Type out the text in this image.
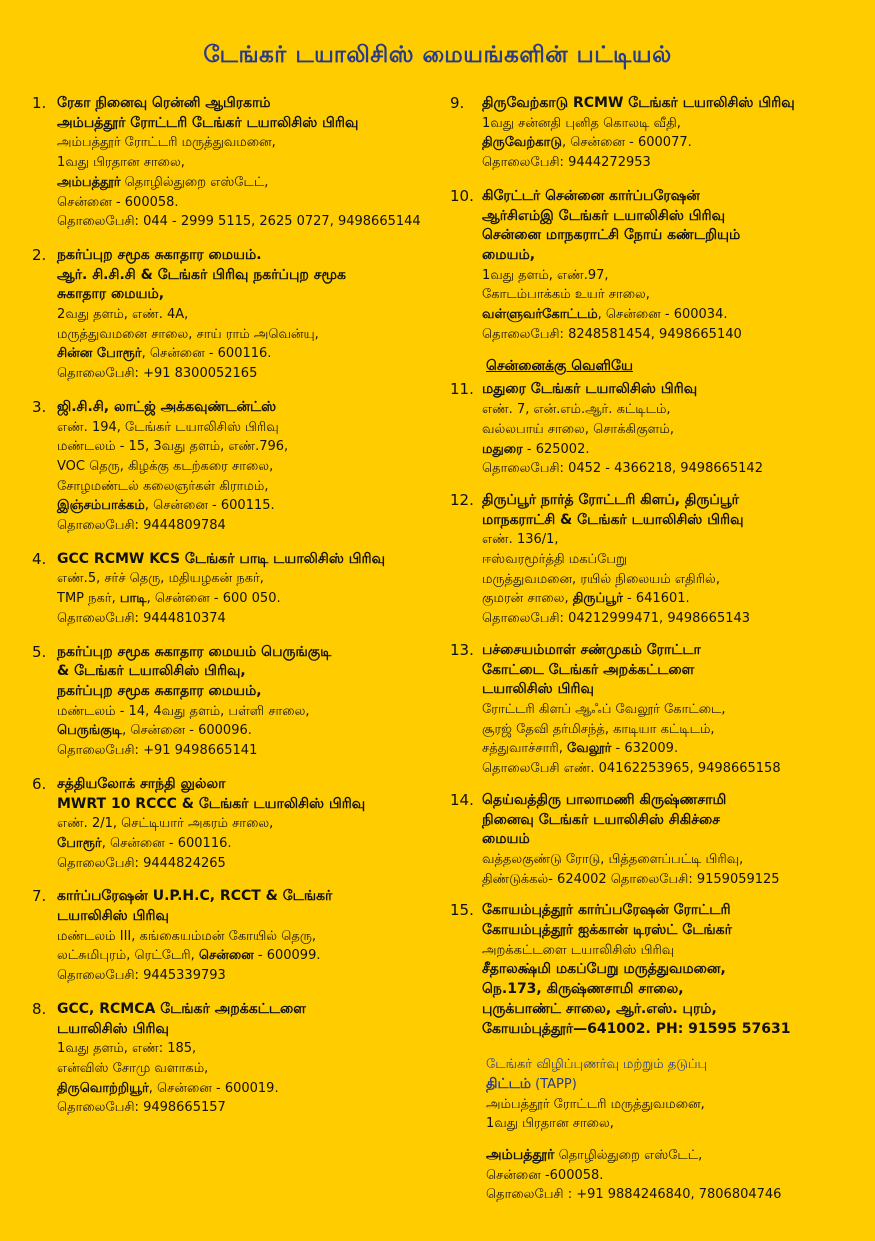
டேங்கர் டயாலிசிஸ் மையங்களின் பட்டியல்
1. ரேகா நினைவு ரென்னி ஆபிரகாம்
அம்பத்தூர் ரோட்டரி டேங்கர் டயாலிசிஸ் பிரிவு
அம்பத்தூர் ரோட்டரி மருத்துவமனை,
1வது பிரதான சாலை,
அம்பத்தூர் தொழில்துறை எஸ்டேட்,
சென்னை - 600058.
தொலைபேசி: 044 - 2999 5115, 2625 0727, 9498665144
2. நகர்ப்புற சமூக சுகாதார மையம்.
ஆர். சி.சி.சி & டேங்கர் பிரிவு நகர்ப்புற சமூக
சுகாதார மையம்,
2வது தளம், எண். 4A,
மருத்துவமனை சாலை, சாய் ராம் அவென்யு,
சின்ன போரூர், சென்னை - 600116.
தொலைபேசி: +91 8300052165
3. ஜி.சி.சி, லாட்ஜ் அக்கவுண்டன்ட்ஸ்
எண். 194, டேங்கர் டயாலிசிஸ் பிரிவு
மண்டலம் - 15, 3வது தளம், எண்.796,
VOC தெரு, கிழக்கு கடற்கரை சாலை,
சோழமண்டல் கலைஞர்கள் கிராமம்,
இஞ்சம்பாக்கம், சென்னை - 600115.
தொலைபேசி: 9444809784
4. GCC RCMW KCS டேங்கர் பாடி டயாலிசிஸ் பிரிவு
எண்.5, சர்ச் தெரு, மதியழகன் நகர்,
TMP நகர், பாடி, சென்னை - 600 050.
தொலைபேசி: 9444810374
5. நகர்ப்புற சமூக சுகாதார மையம் பெருங்குடி
& டேங்கர் டயாலிசிஸ் பிரிவு,
நகர்ப்புற சமூக சுகாதார மையம்,
மண்டலம் - 14, 4வது தளம், பள்ளி சாலை,
பெருங்குடி, சென்னை - 600096.
தொலைபேசி: +91 9498665141
6. சத்தியலோக் சாந்தி லுல்லா
MWRT 10 RCCC & டேங்கர் டயாலிசிஸ் பிரிவு
எண். 2/1, செட்டியார் அகரம் சாலை,
போரூர், சென்னை - 600116.
தொலைபேசி: 9444824265
7. கார்ப்பரேஷன் U.P.H.C, RCCT & டேங்கர்
டயாலிசிஸ் பிரிவு
மண்டலம் III, கங்கையம்மன் கோயில் தெரு,
லட்சுமிபுரம், ரெட்டேரி, சென்னை - 600099.
தொலைபேசி: 9445339793
8. GCC, RCMCA டேங்கர் அறக்கட்டளை
டயாலிசிஸ் பிரிவு
1வது தளம், எண்: 185,
என்விஸ் சோமு வளாகம்,
திருவொற்றியூர், சென்னை - 600019.
தொலைபேசி: 9498665157
9.	திருவேற்காடு RCMW டேங்கர் டயாலிசிஸ் பிரிவு
1வது சன்னதி புனித கொலடி வீதி,
திருவேற்காடு, சென்னை - 600077.
தொலைபேசி: 9444272953
10. கிரேட்டர் சென்னை கார்ப்பரேஷன்
ஆர்சிஎம்இ டேங்கர் டயாலிசிஸ் பிரிவு
சென்னை மாநகராட்சி நோய் கண்டறியும்
மையம்,
1வது தளம், எண்.97,
கோடம்பாக்கம் உயர் சாலை,
வள்ளுவர்கோட்டம், சென்னை - 600034.
தொலைபேசி: 8248581454, 9498665140
சென்னைக்கு வெளியே
11. மதுரை டேங்கர் டயாலிசிஸ் பிரிவு
எண். 7, என்.எம்.ஆர். கட்டிடம்,
வல்லபாய் சாலை, சொக்கிகுளம்,
மதுரை - 625002.
தொலைபேசி: 0452 - 4366218, 9498665142
12. திருப்பூர் நார்த் ரோட்டரி கிளப், திருப்பூர்
மாநகராட்சி & டேங்கர் டயாலிசிஸ் பிரிவு
எண். 136/1,
ஈஸ்வரமூர்த்தி மகப்பேறு
மருத்துவமனை, ரயில் நிலையம் எதிரில்,
குமரன் சாலை, திருப்பூர் - 641601.
தொலைபேசி: 04212999471, 9498665143
13. பச்சையம்மாள் சண்முகம் ரோட்டா
கோட்டை டேங்கர் அறக்கட்டளை
டயாலிசிஸ் பிரிவு
ரோட்டரி கிளப் ஆஃப் வேலூர் கோட்டை,
சூரஜ் தேவி தர்மிசந்த், காடியா கட்டிடம்,
சத்துவாச்சாரி, வேலூர் - 632009.
தொலைபேசி எண். 04162253965, 9498665158
14. தெய்வத்திரு பாலாமணி கிருஷ்ணசாமி
நினைவு டேங்கர் டயாலிசிஸ் சிகிச்சை
மையம்
வத்தலகுண்டு ரோடு, பித்தளைப்பட்டி பிரிவு,
திண்டுக்கல்- 624002 தொலைபேசி: 9159059125
15. கோயம்புத்தூர் கார்ப்பரேஷன் ரோட்டரி
கோயம்புத்தூர் ஐக்கான் டிரஸ்ட் டேங்கர்
அறக்கட்டளை டயாலிசிஸ் பிரிவு
சீதாலக்ஷ்மி மகப்பேறு மருத்துவமனை,
நெ.173, கிருஷ்ணசாமி சாலை,
புருக்பாண்ட் சாலை, ஆர்.எஸ். புரம்,
கோயம்புத்தூர்—641002. PH: 91595 57631
டேங்கர் விழிப்புணர்வு மற்றும் தடுப்பு
திட்டம் (TAPP)
அம்பத்தூர் ரோட்டரி மருத்துவமனை,
1வது பிரதான சாலை,
அம்பத்தூர் தொழில்துறை எஸ்டேட்,
சென்னை -600058.
தொலைபேசி : +91 9884246840, 7806804746
